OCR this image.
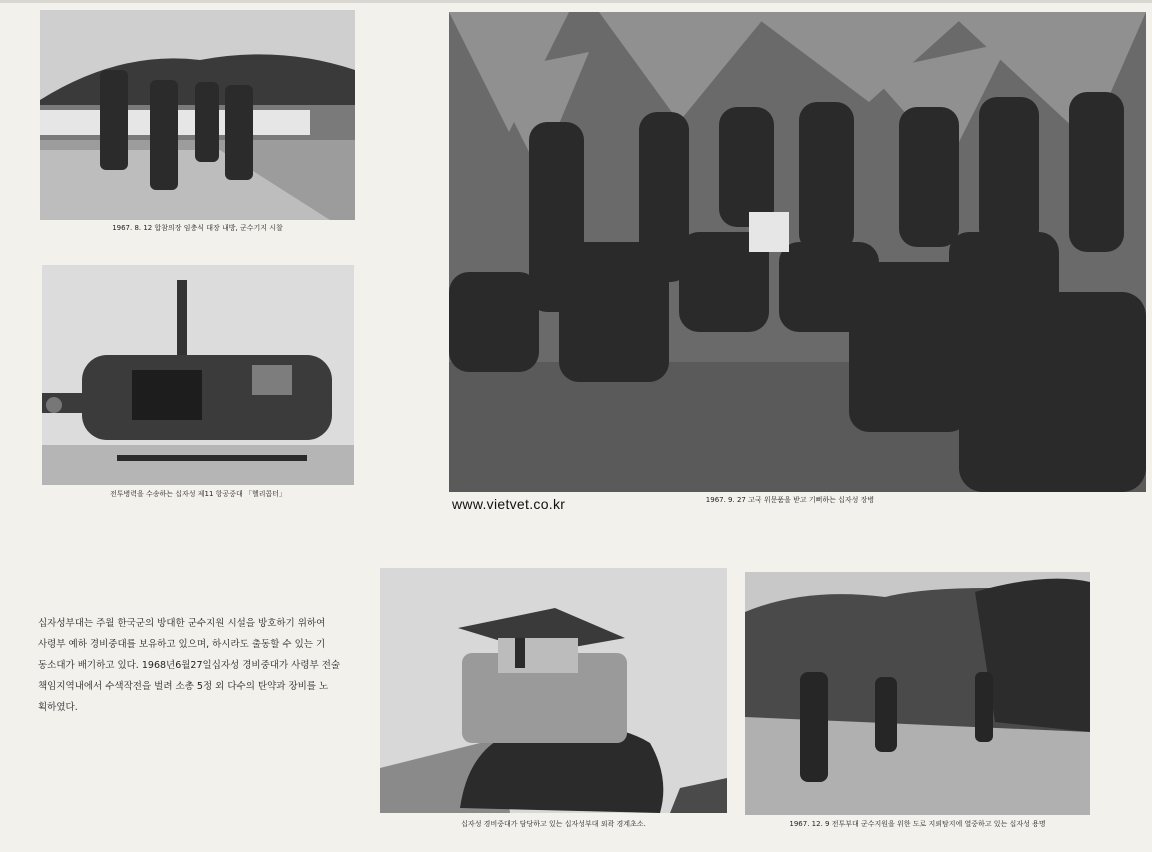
1967. 8. 12 합참의장 임충식 대장 내방, 군수기지 시찰
전투병력을 수송하는 십자성 제11 항공중대 「헬리콥터」
1967. 9. 27 고국 위문품을 받고 기뻐하는 십자성 장병
www.vietvet.co.kr
십자성부대는 주월 한국군의 방대한 군수지원 시설을 방호하기 위하여
사령부 예하 경비중대를 보유하고 있으며, 하시라도 출동할 수 있는 기
동소대가 배기하고 있다. 1968년6월27일십자성 경비중대가 사령부 전술
책임지역내에서 수색작전을 벌려 소총 5정 외 다수의 탄약과 장비를 노
획하였다.
십자성 경비중대가 담당하고 있는 십자성부대 외곽 경계초소.	1967. 12. 9 전투부대 군수지원을 위한 도로 지뢰탐지에 열중하고 있는 십자성 용명
